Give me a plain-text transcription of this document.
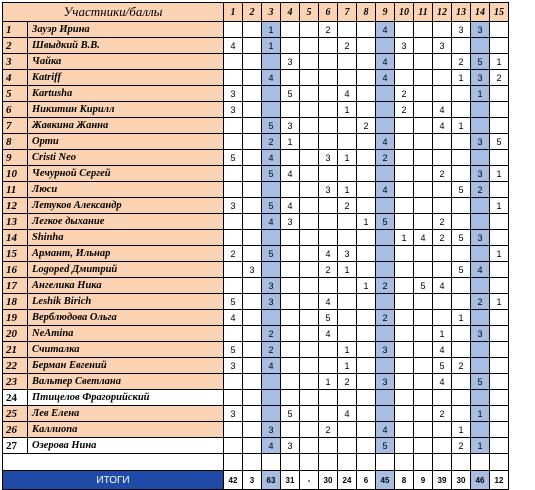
Участники/баллы		1	2	3	4	5	6	7	8	9	10	11	12	13	14	15
1	Зауэр Ирина			1			2			4				3	3	
2	Швыдкий В.В.	4		1				2			3		3			
3	Чайка				3					4				2	5	1
4	Katriff			4						4				1	3	2
5	Kartusha	3			5			4			2				1	
6	Никитин Кирилл	3						1			2		4			
7	Жавкина Жанна			5	3				2				4	1		
8	Орти			2	1					4					3	5
9	Cristi Neo	5		4			3	1		2						
10	Чечурной Сергей			5	4								2		3	1
11	Люси						3	1		4				5	2	
12	Летуков Александр	3		5	4			2								1
13	Легкое дыхание			4	3				1	5			2			
14	Shinha										1	4	2	5	3	
15	Армант, Ильнар	2		5			4	3								1
16	Logoped Дмитрий		3				2	1						5	4	
17	Ангелика Ника			3					1	2		5	4			
18	Leshik Birich	5		3			4								2	1
19	Верблюдова Ольга	4					5			2				1		
20	NeAmina			2			4						1		3	
21	Считалка	5		2				1		3			4			
22	Берман Евгений	3		4				1					5	2		
23	Вальтер Светлана						1	2		3			4		5	
24	Птицелов Фрагорийский															
25	Лев Елена	3			5			4					2		1	
26	Каллиопа			3			2			4				1		
27	Озерова Нина			4	3					5				2	1	

ИТОГИ		42	3	63	31	-	30	24	6	45	8	9	39	30	46	12
